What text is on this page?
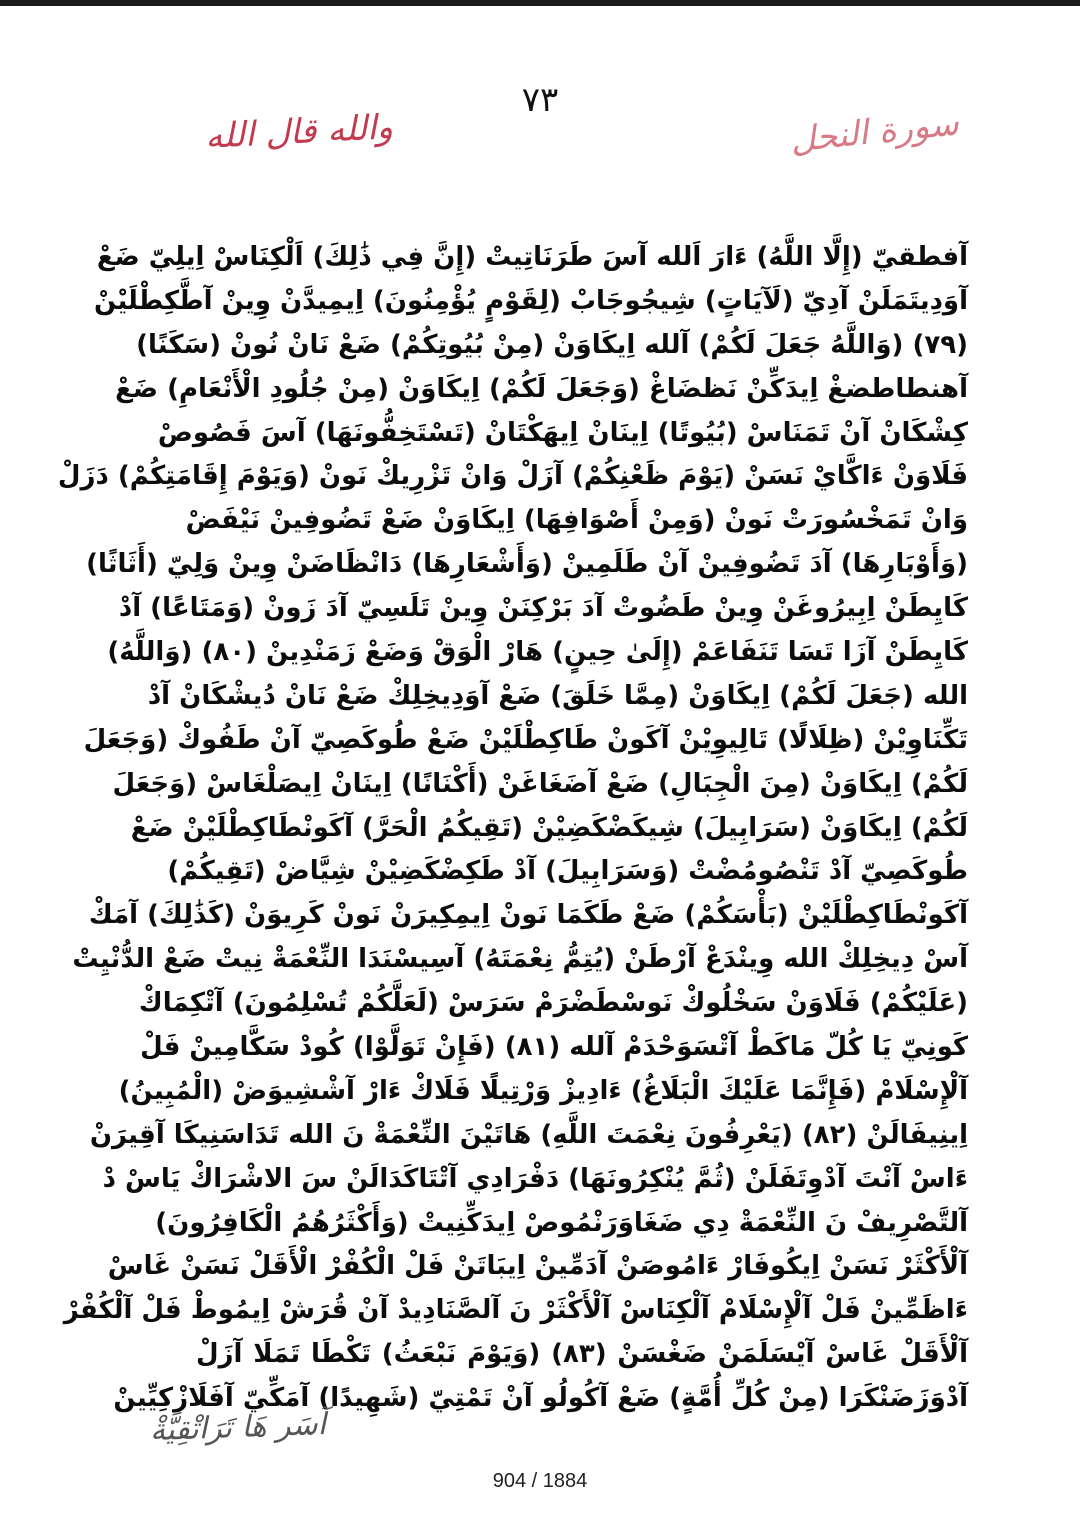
٧٣
والله قال الله	سورة النحل
آفطقيّ (إِلَّا اللَّهُ) ءَارَ اَلله آسَ طَرَنَاتِيتْ (إِنَّ فِي ذَٰلِكَ) اَلْكِنَاسْ اِيلِيّ ضَعْ
آوَدِيتَمَلَنْ آدِيّ (لَآيَاتٍ) شِيجُوجَابْ (لِقَوْمٍ يُؤْمِنُونَ) اِيمِيدَّنْ وِينْ آطَّكِطْلَيْنْ
(٧٩) (وَاللَّهُ جَعَلَ لَكُمْ) آلله اِيكَاوَنْ (مِنْ بُيُوتِكُمْ) ضَعْ نَانْ نُونْ (سَكَنًا)
آهنطاطضغْ اِيدَكِّنْ نَظضَاغْ (وَجَعَلَ لَكُمْ) اِيكَاوَنْ (مِنْ جُلُودِ الْأَنْعَامِ) ضَعْ
كِشْكَانْ آنْ تَمَنَاسْ (بُيُوتًا) اِينَانْ اِيهَكْتَانْ (تَسْتَخِفُّونَهَا) آسَ فَصُوصْ
فَلَاوَنْ ءَاكَّايْ نَسَنْ (يَوْمَ ظَعْنِكُمْ) آزَلْ وَانْ تَزْرِيكْ نَونْ (وَيَوْمَ إِقَامَتِكُمْ) دَزَلْ
وَانْ تَمَخْسُورَتْ نَونْ (وَمِنْ أَصْوَافِهَا) اِيكَاوَنْ ضَعْ تَضُوفِينْ نَيْفَضْ
(وَأَوْبَارِهَا) آدَ تَضُوفِينْ آنْ طَلَمِينْ (وَأَشْعَارِهَا) دَانْظَاضَنْ وِينْ وَلِيّ (أَثَاثًا)
كَايِطَنْ اِبِيرُوغَنْ وِينْ طَضُوتْ آدَ بَرْكِنَنْ وِينْ تَلَسِيّ آدَ زَونْ (وَمَتَاعًا) آدْ
كَايِطَنْ آزَا تَسَا تَنَفَاعَمْ (إِلَىٰ حِينٍ) هَارْ الْوَقْ وَضَعْ زَمَنْدِينْ (٨٠) (وَاللَّهُ)
الله (جَعَلَ لَكُمْ) اِيكَاوَنْ (مِمَّا خَلَقَ) ضَعْ آوَدِيخِلِكْ ضَعْ نَانْ دُيشْكَانْ آدْ
تَكِّنَاوِيْنْ (ظِلَالًا) تَالِيوِيْنْ آكَونْ طَاكِطْلَيْنْ ضَعْ طُوكَصِيّ آنْ طَفُوكْ (وَجَعَلَ
لَكُمْ) اِيكَاوَنْ (مِنَ الْجِبَالِ) ضَعْ آضَغَاغَنْ (أَكْنَانًا) اِينَانْ اِيصَلْغَاسْ (وَجَعَلَ
لَكُمْ) اِيكَاوَنْ (سَرَابِيلَ) شِيكَضْكَضِيْنْ (تَقِيكُمُ الْحَرَّ) آكَونْطَاكِطْلَيْنْ ضَعْ
طُوكَصِيّ آدْ تَنْصُومُضْتْ (وَسَرَابِيلَ) آدْ طَكِضْكَضِيْنْ شِيَّاضْ (تَقِيكُمْ)
آكَونْطَاكِطْلَيْنْ (بَأْسَكُمْ) ضَعْ طَكَمَا نَونْ اِيمِكِيرَنْ نَونْ كَرِيوَنْ (كَذَٰلِكَ) آمَكْ
آسْ دِيخِلِكْ الله وِينْدَعْ آرْطَنْ (يُتِمُّ نِعْمَتَهُ) آسِيسْنَدَا النِّعْمَةْ نِيتْ ضَعْ الدُّنْيِتْ
(عَلَيْكُمْ) فَلَاوَنْ سَخْلُوكْ نَوسْطَضْرَمْ سَرَسْ (لَعَلَّكُمْ تُسْلِمُونَ) آتْكِمَاكْ
كَونِيّ يَا كُلّ مَاكَطْ آتْسَوَحْدَمْ آلله (٨١) (فَإِنْ تَوَلَّوْا) كُودْ سَكَّامِينْ فَلْ
آلْإِسْلَامْ (فَإِنَّمَا عَلَيْكَ الْبَلَاغُ) ءَادِيزْ وَرْتِيلًا فَلَاكْ ءَارْ آشْشِيوَضْ (الْمُبِينُ)
اِينِيفَالَنْ (٨٢) (يَعْرِفُونَ نِعْمَتَ اللَّهِ) هَاتَيْنَ النِّعْمَةْ نَ الله تَدَاسَنِيكَا آقِيرَنْ
ءَاسْ آنْتَ آدْوِتَفَلَنْ (ثُمَّ يُنْكِرُونَهَا) دَفْرَادِي آتْتَاكَدَالَنْ سَ الاشْرَاكْ يَاسْ دْ
آلتَّصْرِيفْ نَ النِّعْمَةْ دِي ضَغَاوَرَنْمُوصْ اِيدَكِّنِيتْ (وَأَكْثَرُهُمُ الْكَافِرُونَ)
آلْأَكْثَرْ نَسَنْ اِيكُوفَارْ ءَامُوصَنْ آدَمِّينْ اِيبَاتَنْ فَلْ الْكُفْرْ الْأَقَلْ نَسَنْ غَاسْ
ءَاظَمِّينْ فَلْ آلْإِسْلَامْ آلْكِنَاسْ آلْأَكْثَرْ نَ آلصَّنَادِيدْ آنْ قُرَشْ اِيمُوطْ فَلْ آلْكُفْرْ
آلْأَقَلْ غَاسْ آيْسَلَمَنْ ضَغْسَنْ (٨٣) (وَيَوْمَ نَبْعَثُ) تَكْطَا تَمَلَا آزَلْ
آدْوَزَضَنْكَرَا (مِنْ كُلِّ أُمَّةٍ) ضَعْ آكُولُو آنْ تَمْتِيّ (شَهِيدًا) آمَكِّيّ آفَلَازْكِيِّينْ
آسَر هَا تَرَاتْقِيَّةْ
904 / 1884
